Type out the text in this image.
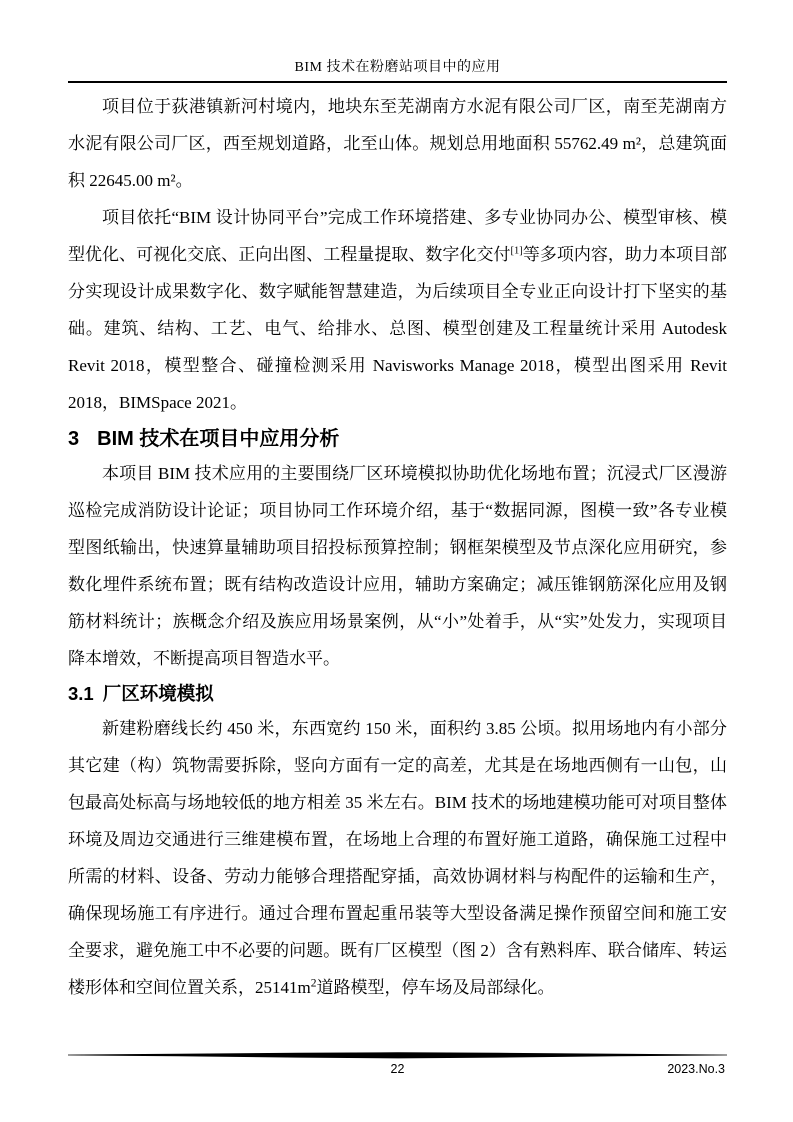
BIM 技术在粉磨站项目中的应用

项目位于荻港镇新河村境内，地块东至芜湖南方水泥有限公司厂区，南至芜湖南方水泥有限公司厂区，西至规划道路，北至山体。规划总用地面积 55762.49 m²，总建筑面积 22645.00 m²。

项目依托“BIM 设计协同平台”完成工作环境搭建、多专业协同办公、模型审核、模型优化、可视化交底、正向出图、工程量提取、数字化交付[1]等多项内容，助力本项目部分实现设计成果数字化、数字赋能智慧建造，为后续项目全专业正向设计打下坚实的基础。建筑、结构、工艺、电气、给排水、总图、模型创建及工程量统计采用 Autodesk Revit 2018，模型整合、碰撞检测采用 Navisworks Manage 2018，模型出图采用 Revit 2018，BIMSpace 2021。

3 BIM 技术在项目中应用分析

本项目 BIM 技术应用的主要围绕厂区环境模拟协助优化场地布置；沉浸式厂区漫游巡检完成消防设计论证；项目协同工作环境介绍，基于“数据同源，图模一致”各专业模型图纸输出，快速算量辅助项目招投标预算控制；钢框架模型及节点深化应用研究，参数化埋件系统布置；既有结构改造设计应用，辅助方案确定；减压锥钢筋深化应用及钢筋材料统计；族概念介绍及族应用场景案例，从“小”处着手，从“实”处发力，实现项目降本增效，不断提高项目智造水平。

3.1 厂区环境模拟

新建粉磨线长约 450 米，东西宽约 150 米，面积约 3.85 公顷。拟用场地内有小部分其它建（构）筑物需要拆除，竖向方面有一定的高差，尤其是在场地西侧有一山包，山包最高处标高与场地较低的地方相差 35 米左右。BIM 技术的场地建模功能可对项目整体环境及周边交通进行三维建模布置，在场地上合理的布置好施工道路，确保施工过程中所需的材料、设备、劳动力能够合理搭配穿插，高效协调材料与构配件的运输和生产，确保现场施工有序进行。通过合理布置起重吊装等大型设备满足操作预留空间和施工安全要求，避免施工中不必要的问题。既有厂区模型（图 2）含有熟料库、联合储库、转运楼形体和空间位置关系，$25141m^2$道路模型，停车场及局部绿化。

22	2023.No.3
